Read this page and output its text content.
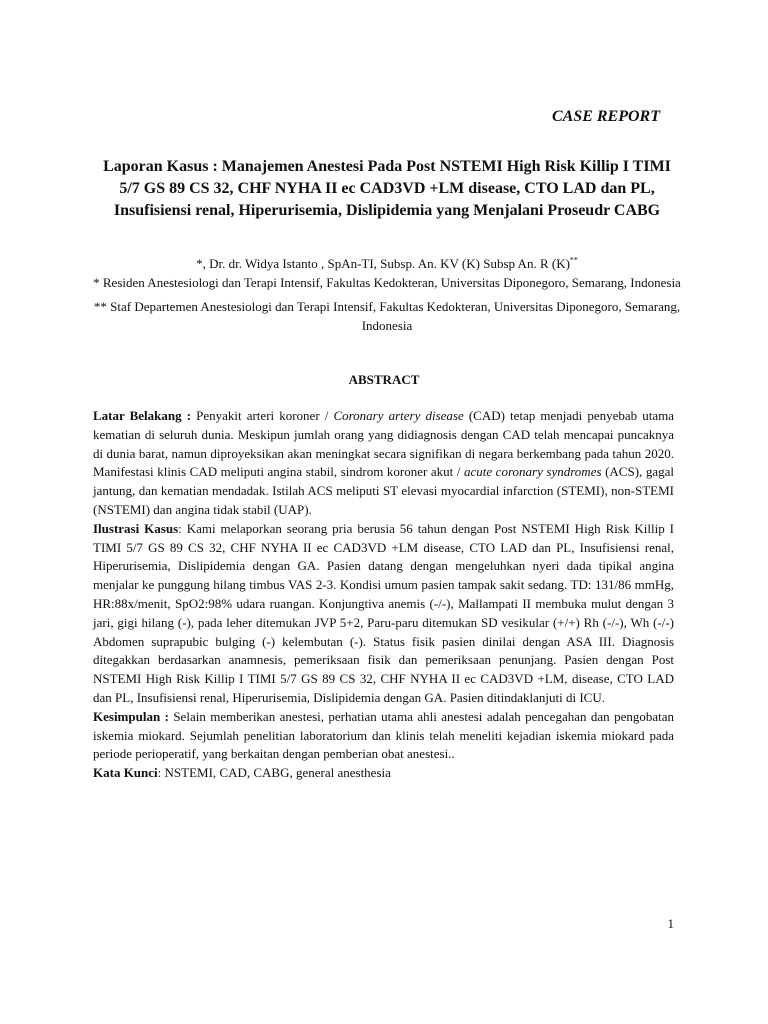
CASE REPORT

Laporan Kasus : Manajemen Anestesi Pada Post NSTEMI High Risk Killip I TIMI 5/7 GS 89 CS 32, CHF NYHA II ec CAD3VD +LM disease, CTO LAD dan PL, Insufisiensi renal, Hiperurisemia, Dislipidemia yang Menjalani Proseudr CABG

*, Dr. dr. Widya Istanto , SpAn-TI, Subsp. An. KV (K) Subsp An. R (K)**

* Residen Anestesiologi dan Terapi Intensif, Fakultas Kedokteran, Universitas Diponegoro, Semarang, Indonesia

** Staf Departemen Anestesiologi dan Terapi Intensif, Fakultas Kedokteran, Universitas Diponegoro, Semarang, Indonesia

ABSTRACT

Latar Belakang : Penyakit arteri koroner / Coronary artery disease (CAD) tetap menjadi penyebab utama kematian di seluruh dunia. Meskipun jumlah orang yang didiagnosis dengan CAD telah mencapai puncaknya di dunia barat, namun diproyeksikan akan meningkat secara signifikan di negara berkembang pada tahun 2020. Manifestasi klinis CAD meliputi angina stabil, sindrom koroner akut / acute coronary syndromes (ACS), gagal jantung, dan kematian mendadak. Istilah ACS meliputi ST elevasi myocardial infarction (STEMI), non-STEMI (NSTEMI) dan angina tidak stabil (UAP).

Ilustrasi Kasus: Kami melaporkan seorang pria berusia 56 tahun dengan Post NSTEMI High Risk Killip I TIMI 5/7 GS 89 CS 32, CHF NYHA II ec CAD3VD +LM disease, CTO LAD dan PL, Insufisiensi renal, Hiperurisemia, Dislipidemia dengan GA. Pasien datang dengan mengeluhkan nyeri dada tipikal angina menjalar ke punggung hilang timbus VAS 2-3. Kondisi umum pasien tampak sakit sedang. TD: 131/86 mmHg, HR:88x/menit, SpO2:98% udara ruangan. Konjungtiva anemis (-/-), Mallampati II membuka mulut dengan 3 jari, gigi hilang (-), pada leher ditemukan JVP 5+2, Paru-paru ditemukan SD vesikular (+/+) Rh (-/-), Wh (-/-) Abdomen suprapubic bulging (-) kelembutan (-). Status fisik pasien dinilai dengan ASA III. Diagnosis ditegakkan berdasarkan anamnesis, pemeriksaan fisik dan pemeriksaan penunjang. Pasien dengan Post NSTEMI High Risk Killip I TIMI 5/7 GS 89 CS 32, CHF NYHA II ec CAD3VD +LM, disease, CTO LAD dan PL, Insufisiensi renal, Hiperurisemia, Dislipidemia dengan GA. Pasien ditindaklanjuti di ICU.

Kesimpulan : Selain memberikan anestesi, perhatian utama ahli anestesi adalah pencegahan dan pengobatan iskemia miokard. Sejumlah penelitian laboratorium dan klinis telah meneliti kejadian iskemia miokard pada periode perioperatif, yang berkaitan dengan pemberian obat anestesi..

Kata Kunci: NSTEMI, CAD, CABG, general anesthesia

1
